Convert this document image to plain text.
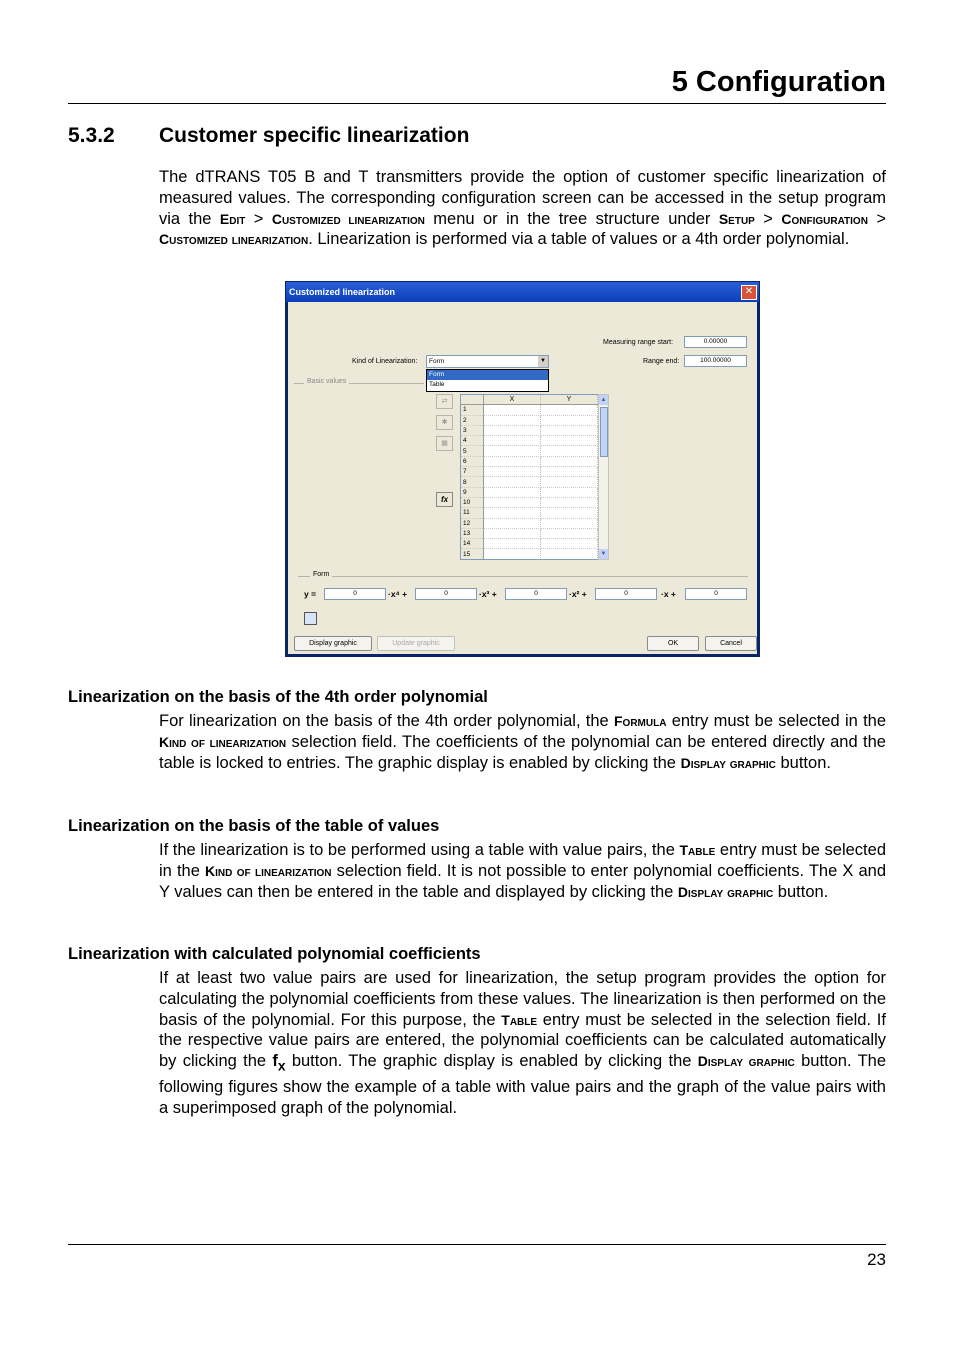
5 Configuration
5.3.2 Customer specific linearization
The dTRANS T05 B and T transmitters provide the option of customer specific linearization of measured values. The corresponding configuration screen can be accessed in the setup program via the Edit > Customized linearization menu or in the tree structure under Setup > Configuration > Customized linearization. Linearization is performed via a table of values or a 4th order polynomial.
Customized linearization	✕
Measuring range start:	0.00000
Range end:	100.00000
Kind of Linearization:	Form	▼
Form
Table
Basic values
⇄
✱
▦
fx
	X	Y
1		
2		
3		
4		
5		
6		
7		
8		
9		
10		
11		
12		
13		
14		
15		
▲
▼
Form
y =	0	·x⁴ +	0	·x³ +	0	·x² +	0	·x +	0
Display graphic	Update graphic	OK	Cancel
Linearization on the basis of the 4th order polynomial
For linearization on the basis of the 4th order polynomial, the Formula entry must be selected in the Kind of linearization selection field. The coefficients of the polynomial can be entered directly and the table is locked to entries. The graphic display is enabled by clicking the Display graphic button.
Linearization on the basis of the table of values
If the linearization is to be performed using a table with value pairs, the Table entry must be selected in the Kind of linearization selection field. It is not possible to enter polynomial coefficients. The X and Y values can then be entered in the table and displayed by clicking the Display graphic button.
Linearization with calculated polynomial coefficients
If at least two value pairs are used for linearization, the setup program provides the option for calculating the polynomial coefficients from these values. The linearization is then performed on the basis of the polynomial. For this purpose, the Table entry must be selected in the selection field. If the respective value pairs are entered, the polynomial coefficients can be calculated automatically by clicking the $f_x$ button. The graphic display is enabled by clicking the Display graphic button. The following figures show the example of a table with value pairs and the graph of the value pairs with a superimposed graph of the polynomial.
23
